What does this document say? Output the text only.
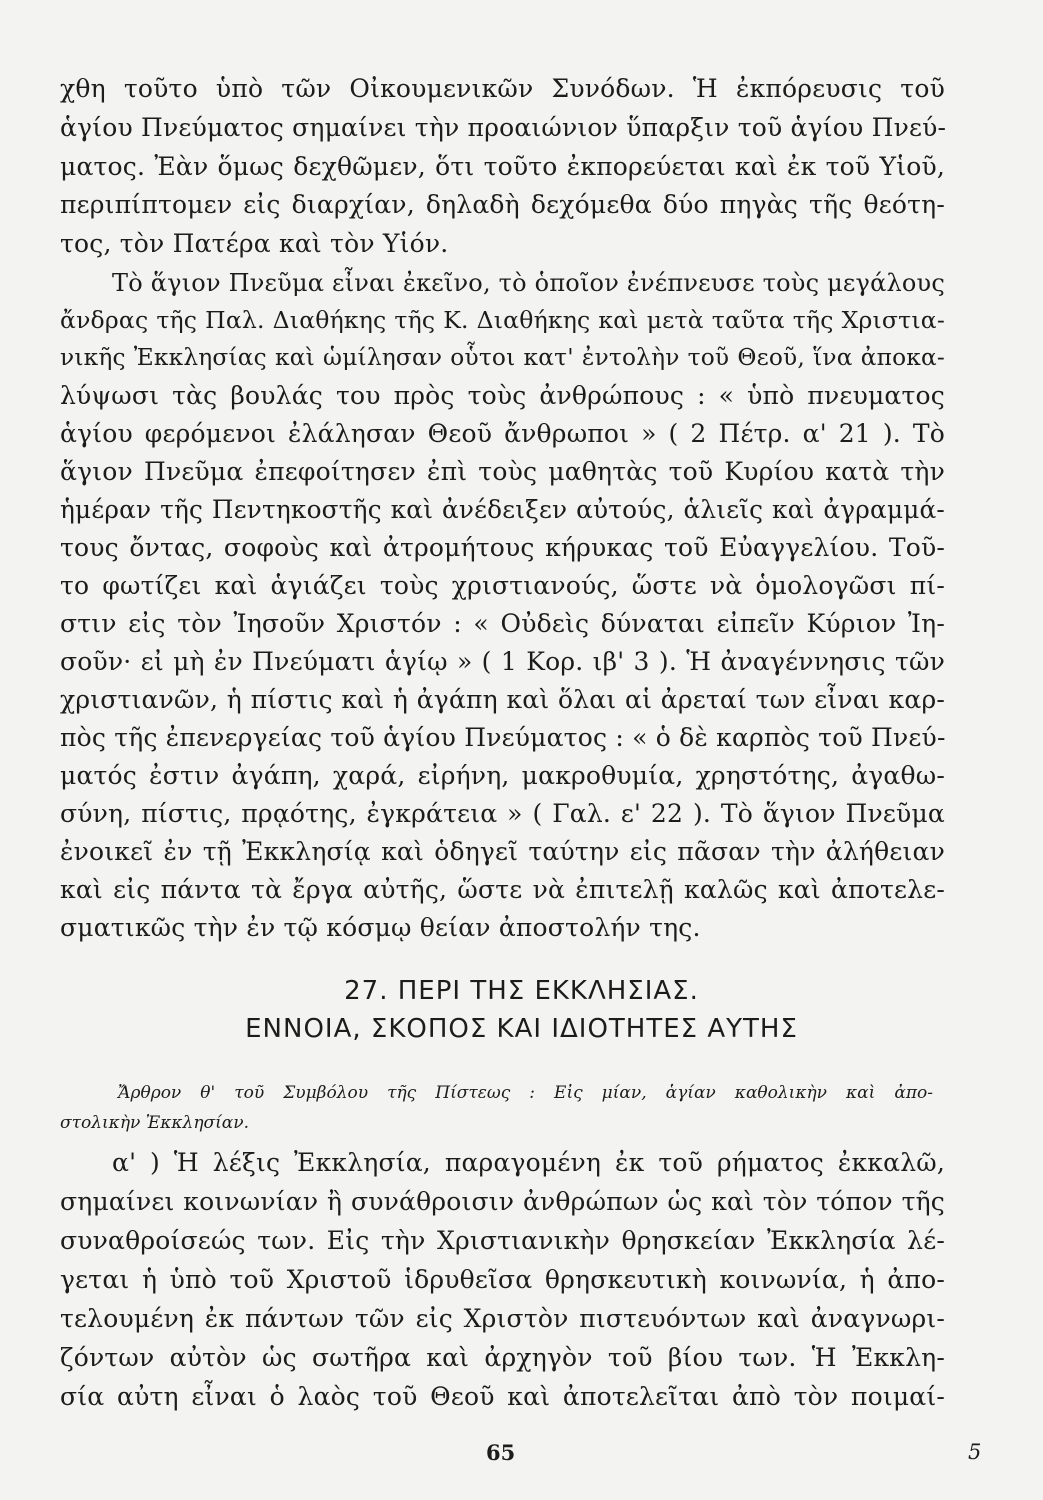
χθη τοῦτο ὑπὸ τῶν Οἰκουμενικῶν Συνόδων. Ἡ ἐκπόρευσις τοῦ
ἁγίου Πνεύματος σημαίνει τὴν προαιώνιον ὕπαρξιν τοῦ ἁγίου Πνεύ-
ματος. Ἐὰν ὅμως δεχθῶμεν, ὅτι τοῦτο ἐκπορεύεται καὶ ἐκ τοῦ Υἱοῦ,
περιπίπτομεν εἰς διαρχίαν, δηλαδὴ δεχόμεθα δύο πηγὰς τῆς θεότη-
τος, τὸν Πατέρα καὶ τὸν Υἱόν.
Τὸ ἅγιον Πνεῦμα εἶναι ἐκεῖνο, τὸ ὁποῖον ἐνέπνευσε τοὺς μεγάλους
ἄνδρας τῆς Παλ. Διαθήκης τῆς Κ. Διαθήκης καὶ μετὰ ταῦτα τῆς Χριστια-
νικῆς Ἐκκλησίας καὶ ὡμίλησαν οὗτοι κατ' ἐντολὴν τοῦ Θεοῦ, ἵνα ἀποκα-
λύψωσι τὰς βουλάς του πρὸς τοὺς ἀνθρώπους : « ὑπὸ πνευματος
ἁγίου φερόμενοι ἐλάλησαν Θεοῦ ἄνθρωποι » ( 2 Πέτρ. α' 21 ). Τὸ
ἅγιον Πνεῦμα ἐπεφοίτησεν ἐπὶ τοὺς μαθητὰς τοῦ Κυρίου κατὰ τὴν
ἡμέραν τῆς Πεντηκοστῆς καὶ ἀνέδειξεν αὐτούς, ἁλιεῖς καὶ ἀγραμμά-
τους ὄντας, σοφοὺς καὶ ἀτρομήτους κήρυκας τοῦ Εὐαγγελίου. Τοῦ-
το φωτίζει καὶ ἁγιάζει τοὺς χριστιανούς, ὥστε νὰ ὁμολογῶσι πί-
στιν εἰς τὸν Ἰησοῦν Χριστόν : « Οὐδεὶς δύναται εἰπεῖν Κύριον Ἰη-
σοῦν· εἰ μὴ ἐν Πνεύματι ἁγίῳ » ( 1 Κορ. ιβ' 3 ). Ἡ ἀναγέννησις τῶν
χριστιανῶν, ἡ πίστις καὶ ἡ ἀγάπη καὶ ὅλαι αἱ ἀρεταί των εἶναι καρ-
πὸς τῆς ἐπενεργείας τοῦ ἁγίου Πνεύματος : « ὁ δὲ καρπὸς τοῦ Πνεύ-
ματός ἐστιν ἀγάπη, χαρά, εἰρήνη, μακροθυμία, χρηστότης, ἀγαθω-
σύνη, πίστις, πρᾳότης, ἐγκράτεια » ( Γαλ. ε' 22 ). Τὸ ἅγιον Πνεῦμα
ἐνοικεῖ ἐν τῇ Ἐκκλησίᾳ καὶ ὁδηγεῖ ταύτην εἰς πᾶσαν τὴν ἀλήθειαν
καὶ εἰς πάντα τὰ ἔργα αὐτῆς, ὥστε νὰ ἐπιτελῇ καλῶς καὶ ἀποτελε-
σματικῶς τὴν ἐν τῷ κόσμῳ θείαν ἀποστολήν της.
27. ΠΕΡΙ ΤΗΣ ΕΚΚΛΗΣΙΑΣ.
ΕΝΝΟΙΑ, ΣΚΟΠΟΣ ΚΑΙ ΙΔΙΟΤΗΤΕΣ ΑΥΤΗΣ
Ἄρθρον θ' τοῦ Συμβόλου τῆς Πίστεως : Εἰς μίαν, ἁγίαν καθολικὴν καὶ ἀπο-
στολικὴν Ἐκκλησίαν.
α' ) Ἡ λέξις Ἐκκλησία, παραγομένη ἐκ τοῦ ρήματος ἐκκαλῶ,
σημαίνει κοινωνίαν ἢ συνάθροισιν ἀνθρώπων ὡς καὶ τὸν τόπον τῆς
συναθροίσεώς των. Εἰς τὴν Χριστιανικὴν θρησκείαν Ἐκκλησία λέ-
γεται ἡ ὑπὸ τοῦ Χριστοῦ ἱδρυθεῖσα θρησκευτικὴ κοινωνία, ἡ ἀπο-
τελουμένη ἐκ πάντων τῶν εἰς Χριστὸν πιστευόντων καὶ ἀναγνωρι-
ζόντων αὐτὸν ὡς σωτῆρα καὶ ἀρχηγὸν τοῦ βίου των. Ἡ Ἐκκλη-
σία αὐτη εἶναι ὁ λαὸς τοῦ Θεοῦ καὶ ἀποτελεῖται ἀπὸ τὸν ποιμαί-
65	5
